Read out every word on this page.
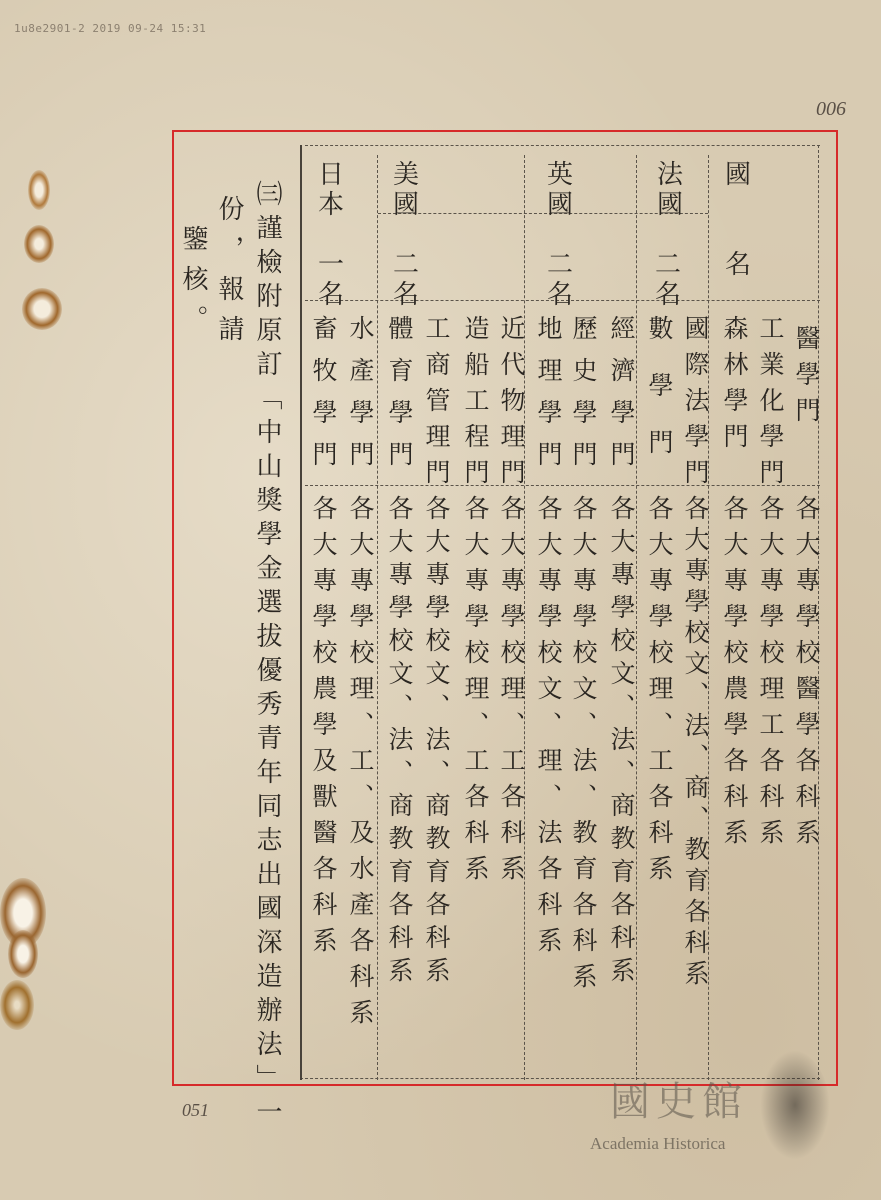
1u8e2901-2 2019 09-24 15:31
006
國
法國
英國
美國
日本
名
二名
二名
二名
一名
醫學門
工業化學門
森林學門
國際法學門
數學門
經濟學門
歷史學門
地理學門
近代物理門
造船工程門
工商管理門
體育學門
水產學門
畜牧學門
各大專學校醫學各科系
各大專學校理工各科系
各大專學校農學各科系
各大專學校文、法、商、教育各科系
各大專學校理、工各科系
各大專學校文、法、商教育各科系
各大專學校文、法、教育各科系
各大專學校文、理、法各科系
各大專學校理、工各科系
各大專學校理、工各科系
各大專學校文、法、商教育各科系
各大專學校文、法、商教育各科系
各大專學校理、工、及水產各科系
各大專學校農學及獸醫各科系
㈢謹檢附原訂「中山獎學金選拔優秀青年同志出國深造辦法」一
份，報請
鑒核。
051	國史館
Academia Historica
